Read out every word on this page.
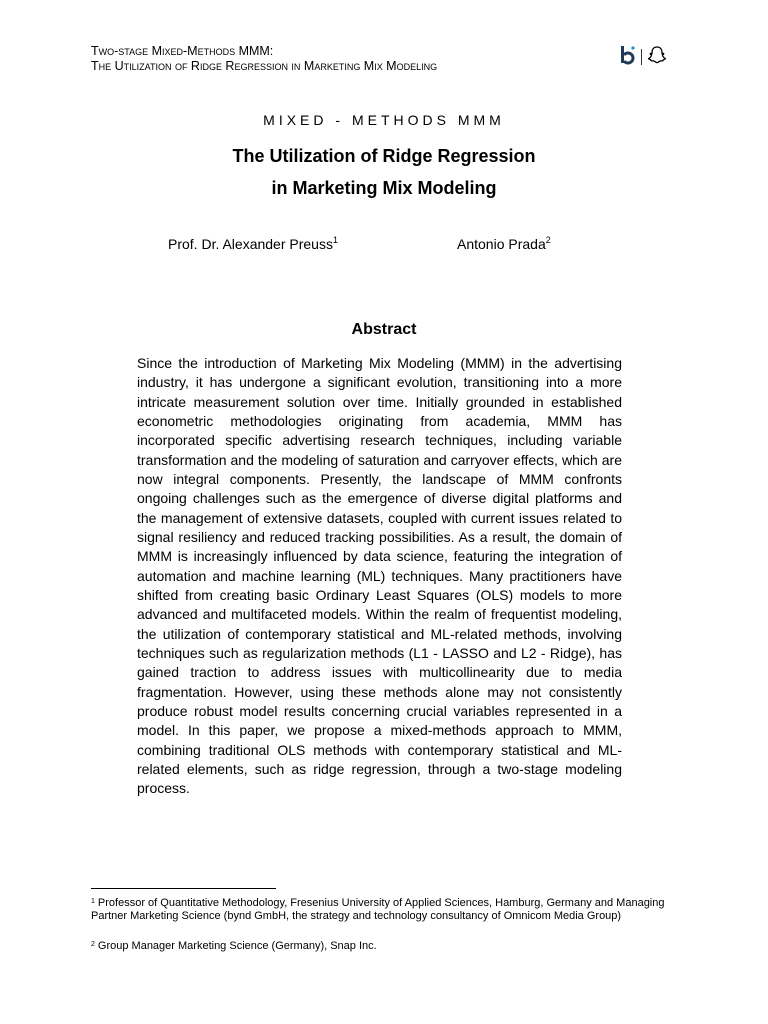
Two-stage Mixed-Methods MMM:
The Utilization of Ridge Regression in Marketing Mix Modeling
MIXED - METHODS MMM
The Utilization of Ridge Regression
in Marketing Mix Modeling
Prof. Dr. Alexander Preuss$^1$	Antonio Prada$^2$
Abstract

Since the introduction of Marketing Mix Modeling (MMM) in the advertising industry, it has undergone a significant evolution, transitioning into a more intricate measurement solution over time. Initially grounded in established econometric methodologies originating from academia, MMM has incorporated specific advertising research techniques, including variable transformation and the modeling of saturation and carryover effects, which are now integral components. Presently, the landscape of MMM confronts ongoing challenges such as the emergence of diverse digital platforms and the management of extensive datasets, coupled with current issues related to signal resiliency and reduced tracking possibilities. As a result, the domain of MMM is increasingly influenced by data science, featuring the integration of automation and machine learning (ML) techniques. Many practitioners have shifted from creating basic Ordinary Least Squares (OLS) models to more advanced and multifaceted models. Within the realm of frequentist modeling, the utilization of contemporary statistical and ML-related methods, involving techniques such as regularization methods (L1 - LASSO and L2 - Ridge), has gained traction to address issues with multicollinearity due to media fragmentation. However, using these methods alone may not consistently produce robust model results concerning crucial variables represented in a model. In this paper, we propose a mixed-methods approach to MMM, combining traditional OLS methods with contemporary statistical and ML-related elements, such as ridge regression, through a two-stage modeling process.

$^1$ Professor of Quantitative Methodology, Fresenius University of Applied Sciences, Hamburg, Germany and Managing Partner Marketing Science (bynd GmbH, the strategy and technology consultancy of Omnicom Media Group)

$^2$ Group Manager Marketing Science (Germany), Snap Inc.
